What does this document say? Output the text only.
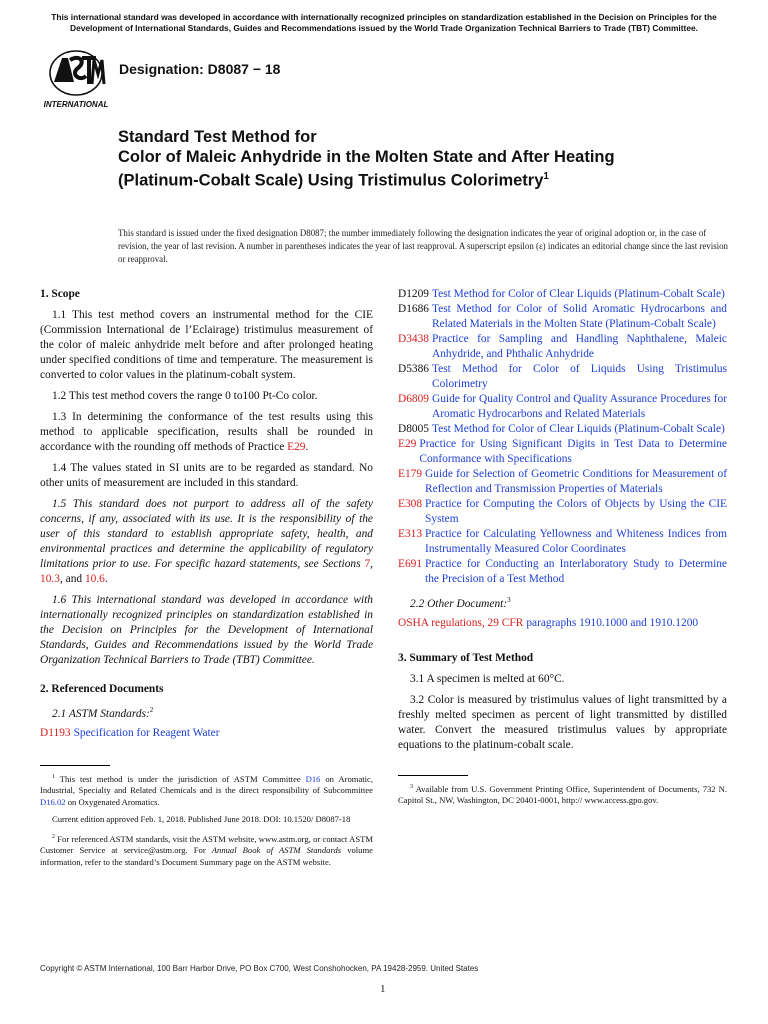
This international standard was developed in accordance with internationally recognized principles on standardization established in the Decision on Principles for the Development of International Standards, Guides and Recommendations issued by the World Trade Organization Technical Barriers to Trade (TBT) Committee.
INTERNATIONAL
Designation: D8087 − 18
Standard Test Method for
Color of Maleic Anhydride in the Molten State and After Heating (Platinum-Cobalt Scale) Using Tristimulus Colorimetry$^1$
This standard is issued under the fixed designation D8087; the number immediately following the designation indicates the year of original adoption or, in the case of revision, the year of last revision. A number in parentheses indicates the year of last reapproval. A superscript epsilon (ε) indicates an editorial change since the last revision or reapproval.
1. Scope

1.1 This test method covers an instrumental method for the CIE (Commission International de l’Eclairage) tristimulus measurement of the color of maleic anhydride melt before and after prolonged heating under specified conditions of time and temperature. The measurement is converted to color values in the platinum-cobalt system.

1.2 This test method covers the range 0 to100 Pt-Co color.

1.3 In determining the conformance of the test results using this method to applicable specification, results shall be rounded in accordance with the rounding off methods of Practice E29.

1.4 The values stated in SI units are to be regarded as standard. No other units of measurement are included in this standard.

1.5 This standard does not purport to address all of the safety concerns, if any, associated with its use. It is the responsibility of the user of this standard to establish appropriate safety, health, and environmental practices and determine the applicability of regulatory limitations prior to use. For specific hazard statements, see Sections 7, 10.3, and 10.6.

1.6 This international standard was developed in accordance with internationally recognized principles on standardization established in the Decision on Principles for the Development of International Standards, Guides and Recommendations issued by the World Trade Organization Technical Barriers to Trade (TBT) Committee.

2. Referenced Documents
2.1 ASTM Standards:$^2$
D1193 Specification for Reagent Water

$^1$ This test method is under the jurisdiction of ASTM Committee D16 on Aromatic, Industrial, Specialty and Related Chemicals and is the direct responsibility of Subcommittee D16.02 on Oxygenated Aromatics.

Current edition approved Feb. 1, 2018. Published June 2018. DOI: 10.1520/ D8087-18

$^2$ For referenced ASTM standards, visit the ASTM website, www.astm.org, or contact ASTM Customer Service at service@astm.org. For Annual Book of ASTM Standards volume information, refer to the standard’s Document Summary page on the ASTM website.

D1209 Test Method for Color of Clear Liquids (Platinum-Cobalt Scale)
D1686 Test Method for Color of Solid Aromatic Hydrocarbons and Related Materials in the Molten State (Platinum-Cobalt Scale)
D3438 Practice for Sampling and Handling Naphthalene, Maleic Anhydride, and Phthalic Anhydride
D5386 Test Method for Color of Liquids Using Tristimulus Colorimetry
D6809 Guide for Quality Control and Quality Assurance Procedures for Aromatic Hydrocarbons and Related Materials
D8005 Test Method for Color of Clear Liquids (Platinum-Cobalt Scale)
E29 Practice for Using Significant Digits in Test Data to Determine Conformance with Specifications
E179 Guide for Selection of Geometric Conditions for Measurement of Reflection and Transmission Properties of Materials
E308 Practice for Computing the Colors of Objects by Using the CIE System
E313 Practice for Calculating Yellowness and Whiteness Indices from Instrumentally Measured Color Coordinates
E691 Practice for Conducting an Interlaboratory Study to Determine the Precision of a Test Method
2.2 Other Document:$^3$
OSHA regulations, 29 CFR paragraphs 1910.1000 and 1910.1200
3. Summary of Test Method

3.1 A specimen is melted at 60°C.

3.2 Color is measured by tristimulus values of light transmitted by a freshly melted specimen as percent of light transmitted by distilled water. Convert the measured tristimulus values by appropriate equations to the platinum-cobalt scale.

$^3$ Available from U.S. Government Printing Office, Superintendent of Documents, 732 N. Capitol St., NW, Washington, DC 20401-0001, http:// www.access.gpo.gov.

Copyright © ASTM International, 100 Barr Harbor Drive, PO Box C700, West Conshohocken, PA 19428-2959. United States
1
